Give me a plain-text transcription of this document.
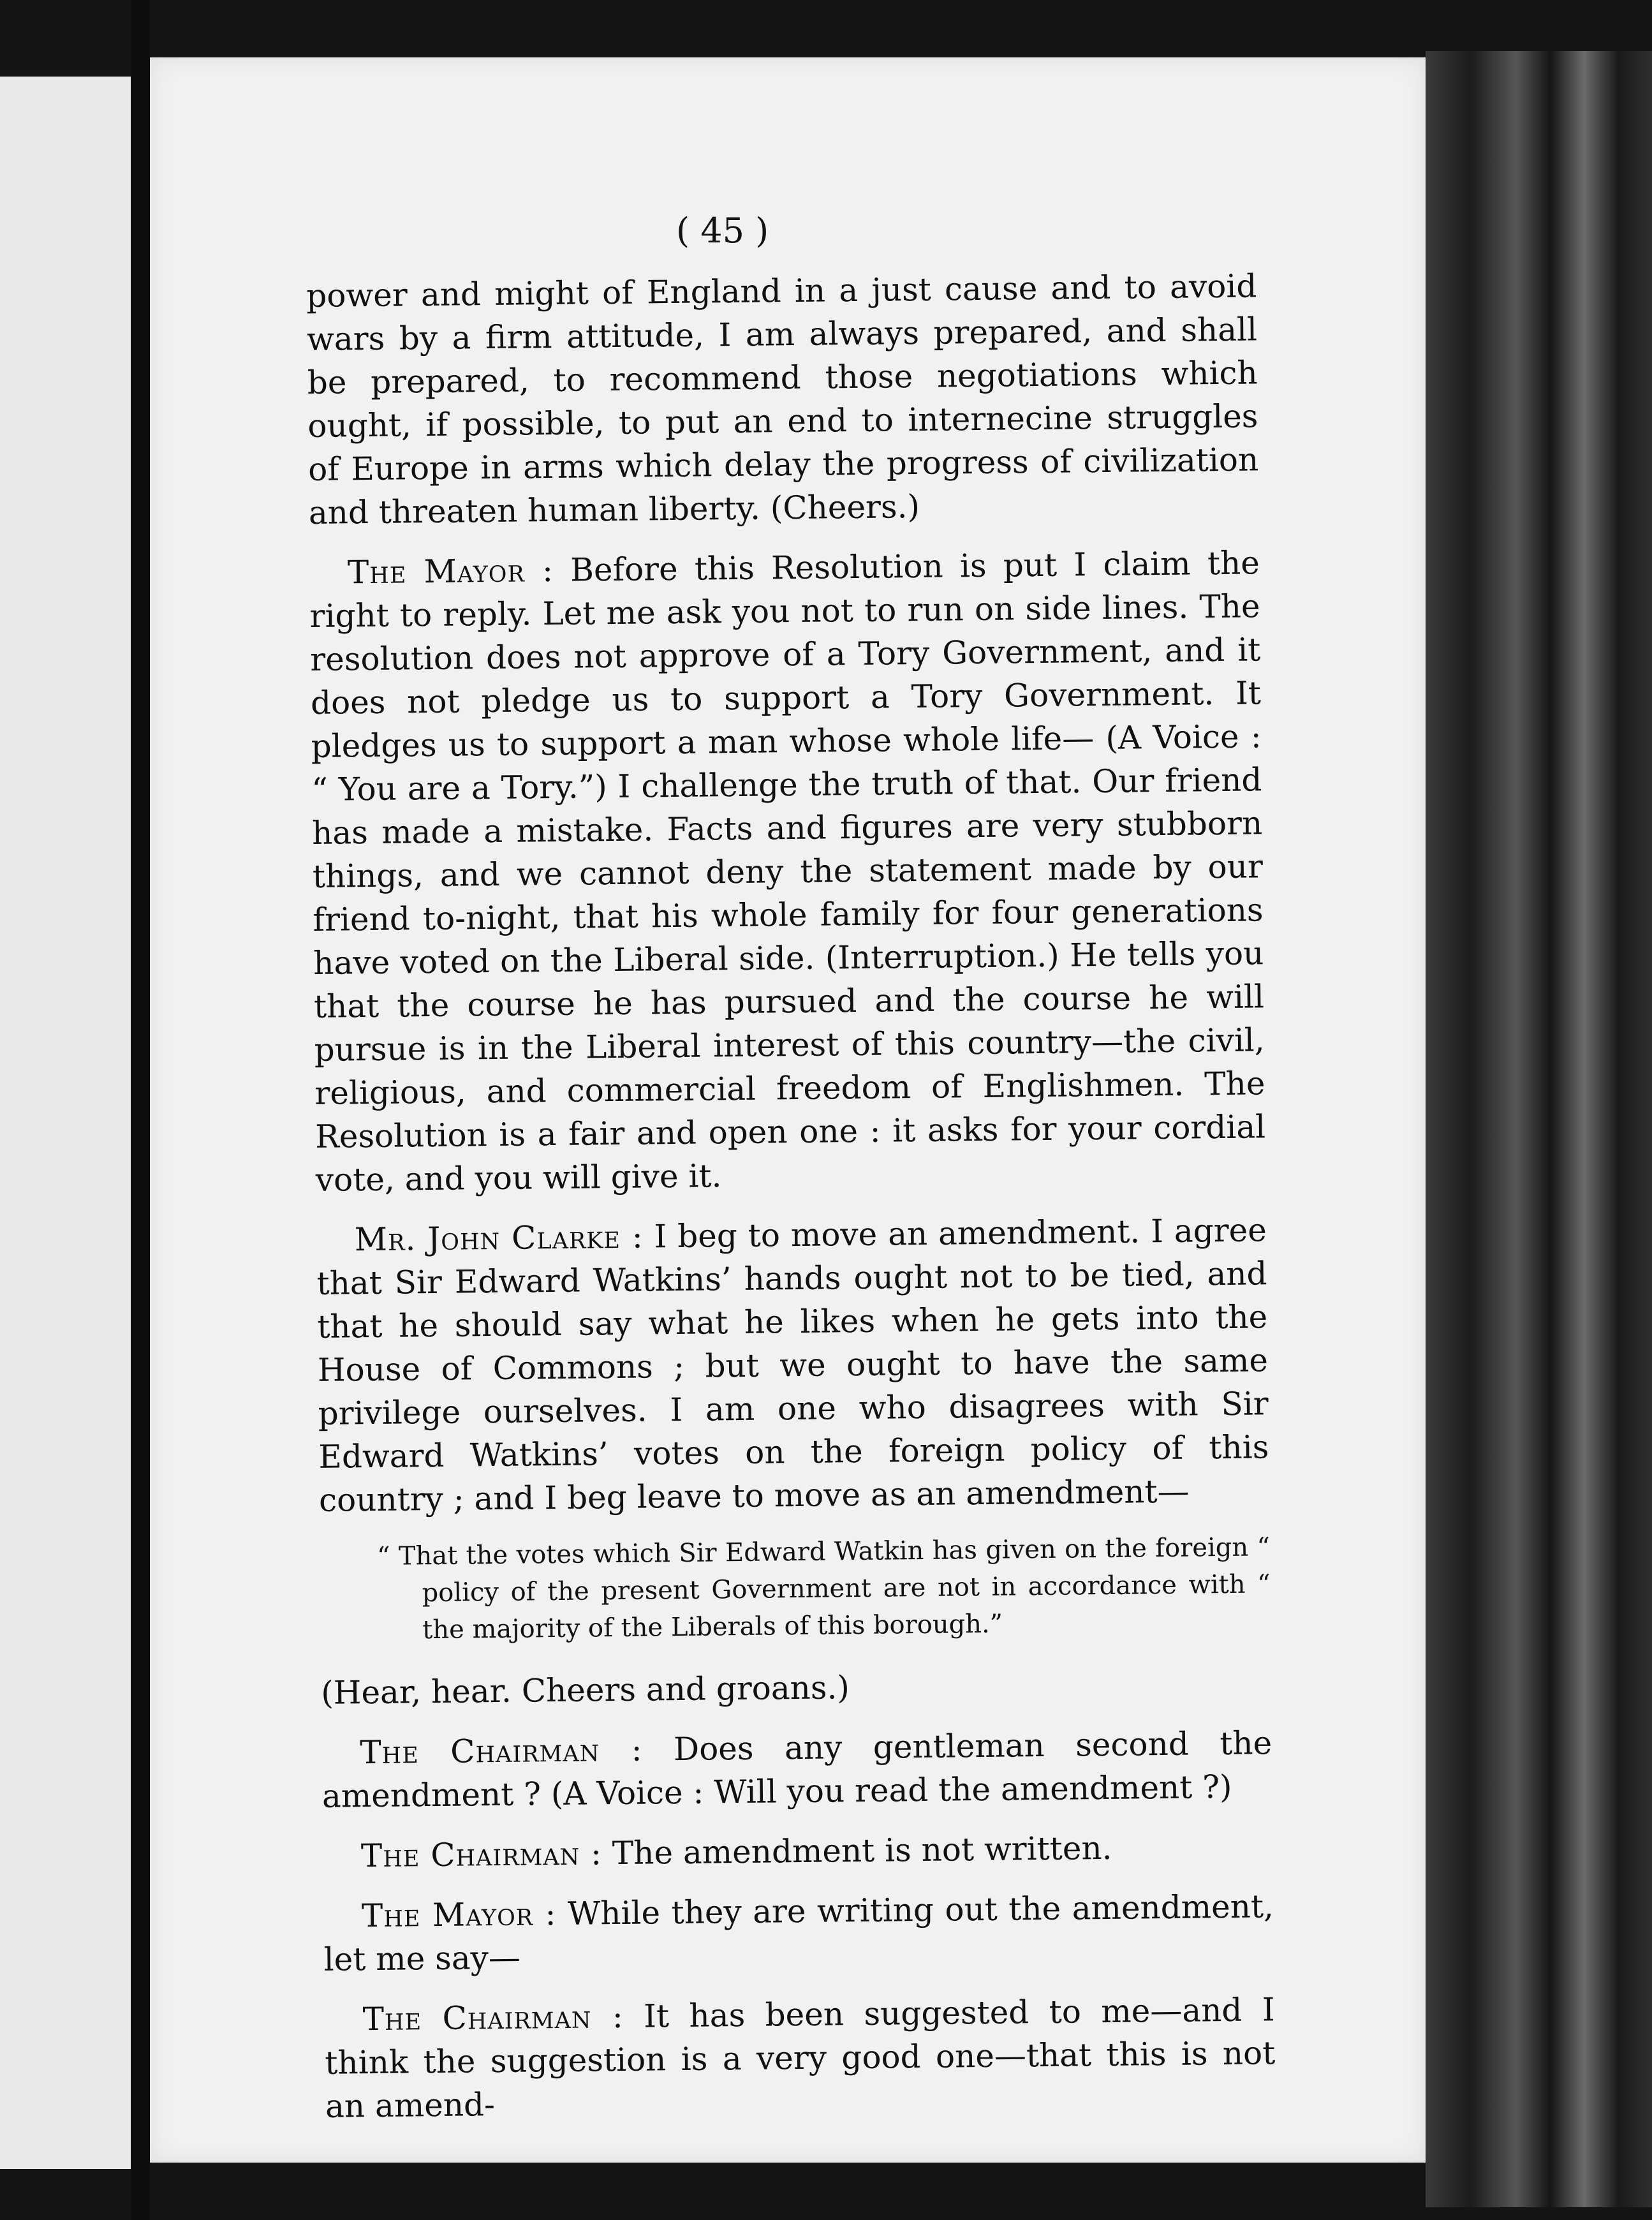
( 45 )

power and might of England in a just cause and to avoid wars by a firm attitude, I am always prepared, and shall be prepared, to recommend those negotiations which ought, if possible, to put an end to internecine struggles of Europe in arms which delay the progress of civilization and threaten human liberty. (Cheers.)

The Mayor : Before this Resolution is put I claim the right to reply. Let me ask you not to run on side lines. The resolution does not approve of a Tory Government, and it does not pledge us to support a Tory Government. It pledges us to support a man whose whole life— (A Voice : “ You are a Tory.”) I challenge the truth of that. Our friend has made a mistake. Facts and figures are very stubborn things, and we cannot deny the statement made by our friend to-night, that his whole family for four generations have voted on the Liberal side. (Interruption.) He tells you that the course he has pursued and the course he will pursue is in the Liberal interest of this country—the civil, religious, and commercial freedom of Englishmen. The Resolution is a fair and open one : it asks for your cordial vote, and you will give it.

Mr. John Clarke : I beg to move an amendment. I agree that Sir Edward Watkins’ hands ought not to be tied, and that he should say what he likes when he gets into the House of Commons ; but we ought to have the same privilege ourselves. I am one who disagrees with Sir Edward Watkins’ votes on the foreign policy of this country ; and I beg leave to move as an amendment—

“ That the votes which Sir Edward Watkin has given on the foreign “ policy of the present Government are not in accordance with “ the majority of the Liberals of this borough.”

(Hear, hear. Cheers and groans.)

The Chairman : Does any gentleman second the amendment ? (A Voice : Will you read the amendment ?)

The Chairman : The amendment is not written.

The Mayor : While they are writing out the amendment, let me say—

The Chairman : It has been suggested to me—and I think the suggestion is a very good one—that this is not an amend-
